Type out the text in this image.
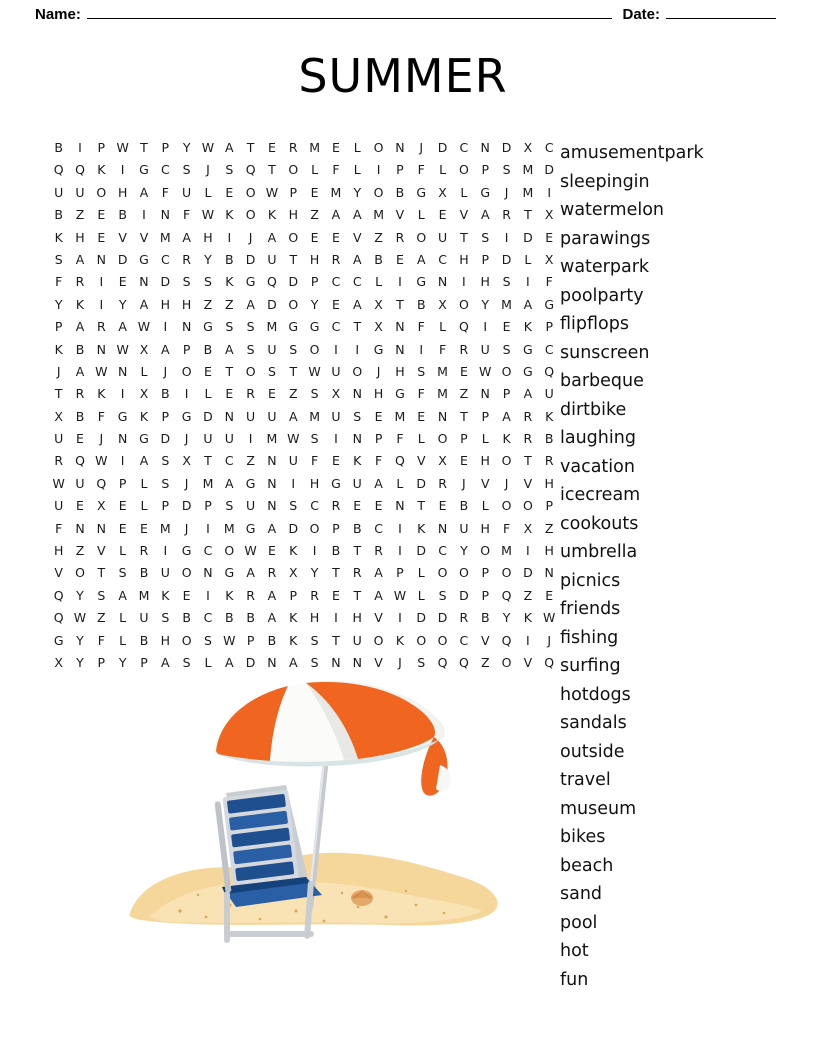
Name:	Date:
SUMMER
B	I	P W T	P	Y W A	T	E	R M E	L	O N	J	D C N D X	C
Q Q K	I	G C	S	J	S Q	T	O	L	F	L	I	P	F	L	O	P	S M D
U U O H A	F	U	L	E O W P	E M Y	O B G X	L	G	J	M	I
B	Z	E	B	I	N	F W K O K	H Z	A	A M V	L	E	V	A	R	T	X
K	H	E	V	V M A H	I	J	A O E	E	V	Z	R O U	T	S	I	D	E
S	A N D G C	R	Y	B D U	T	H R	A	B	E	A	C H	P	D	L	X
F	R	I	E	N D	S	S	K G Q D	P	C	C	L	I	G N	I	H	S	I	F
Y	K	I	Y	A H H Z	Z	A D O	Y	E	A	X	T	B	X O	Y M A G
P	A	R	A W	I	N G	S	S M G G C	T	X N	F	L	Q	I	E	K	P
K	B N W X	A	P	B	A	S	U	S O	I	I	G N	I	F	R U	S	G C
J	A W N	L	J	O E	T	O S	T W U O	J	H	S M E W O G Q
T	R	K	I	X	B	I	L	E	R	E	Z	S	X N H G	F M Z N	P	A U
X	B	F	G K	P	G D N U U A M U	S	E M E	N	T	P	A	R	K
U	E	J	N G D	J	U U	I	M W S	I	N	P	F	L	O	P	L	K	R	B
R Q W	I	A	S	X	T	C	Z N U	F	E	K	F	Q V	X	E	H O	T	R
W U Q	P	L	S	J	M A G N	I	H G U A	L	D R	J	V	J	V H
U	E	X	E	L	P	D	P	S	U N	S	C	R	E	E	N	T	E	B	L	O O	P
F	N N	E	E M	J	I	M G A D O	P	B	C	I	K	N U H	F	X	Z
H Z	V	L	R	I	G C O W E	K	I	B	T	R	I	D C	Y	O M	I	H
V O	T	S	B U O N G A	R	X	Y	T	R	A	P	L	O O	P	O D N
Q	Y	S	A M K	E	I	K	R	A	P	R	E	T	A W L	S	D	P	Q Z	E
Q W Z	L	U	S	B	C	B	B	A	K	H	I	H V	I	D D R	B	Y	K W
G	Y	F	L	B H O S W P	B	K	S	T	U O K O O C	V Q	I	J
X	Y	P	Y	P	A	S	L	A D N A	S	N N V	J	S Q Q Z O V Q
amusementpark
sleepingin
watermelon
parawings
waterpark
poolparty
flipflops
sunscreen
barbeque
dirtbike
laughing
vacation
icecream
cookouts
umbrella
picnics
friends
fishing
surfing
hotdogs
sandals
outside
travel
museum
bikes
beach
sand
pool
hot
fun
